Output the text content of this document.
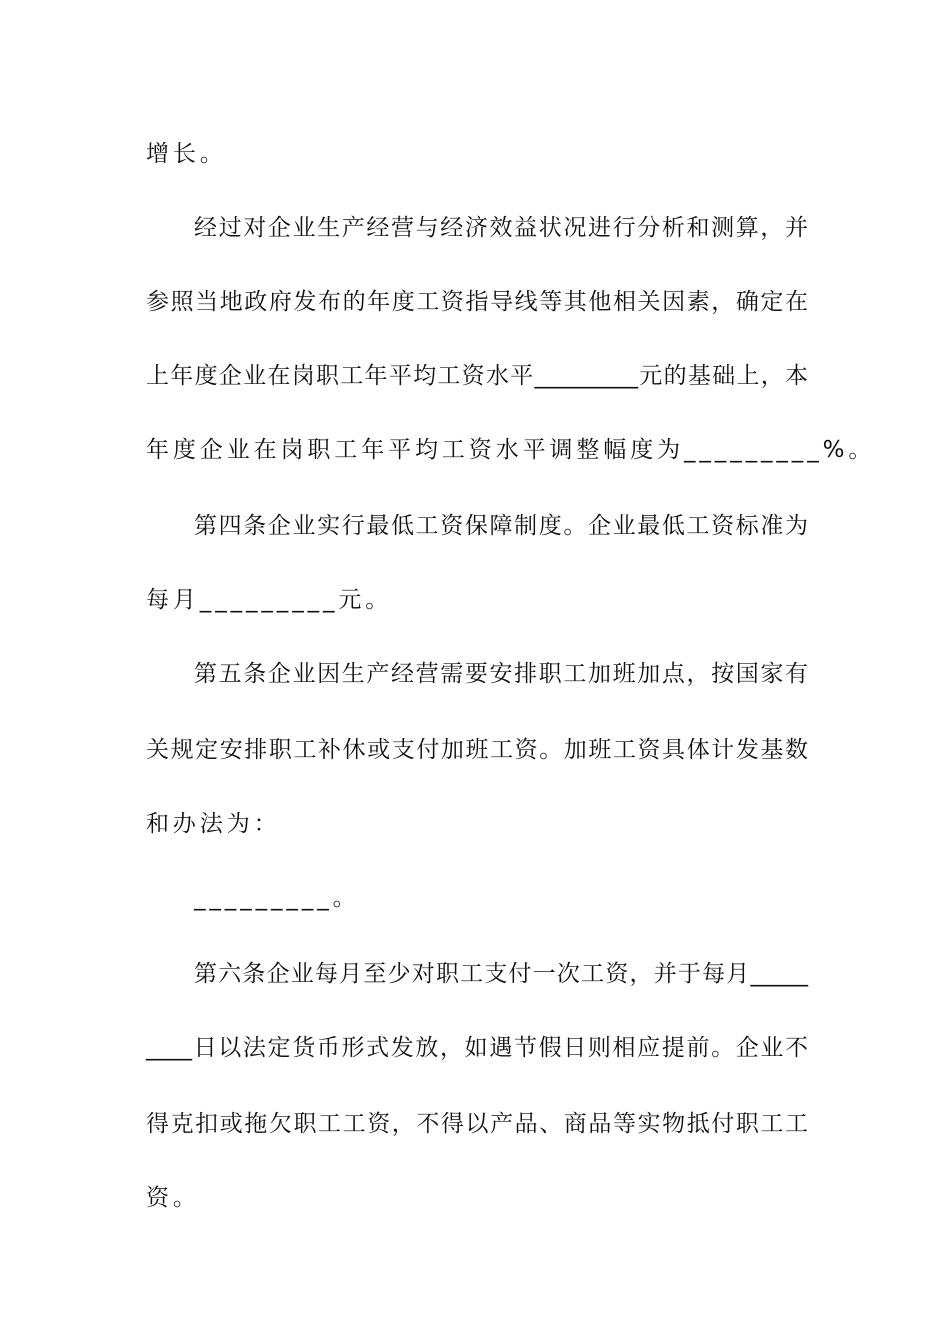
增长。
经过对企业生产经营与经济效益状况进行分析和测算，并
参照当地政府发布的年度工资指导线等其他相关因素，确定在
上年度企业在岗职工年平均工资水平_________元的基础上，本
年度企业在岗职工年平均工资水平调整幅度为_________%。
第四条企业实行最低工资保障制度。企业最低工资标准为
每月_________元。
第五条企业因生产经营需要安排职工加班加点，按国家有
关规定安排职工补休或支付加班工资。加班工资具体计发基数
和办法为：
_________。
第六条企业每月至少对职工支付一次工资，并于每月_____
____日以法定货币形式发放，如遇节假日则相应提前。企业不
得克扣或拖欠职工工资，不得以产品、商品等实物抵付职工工
资。
